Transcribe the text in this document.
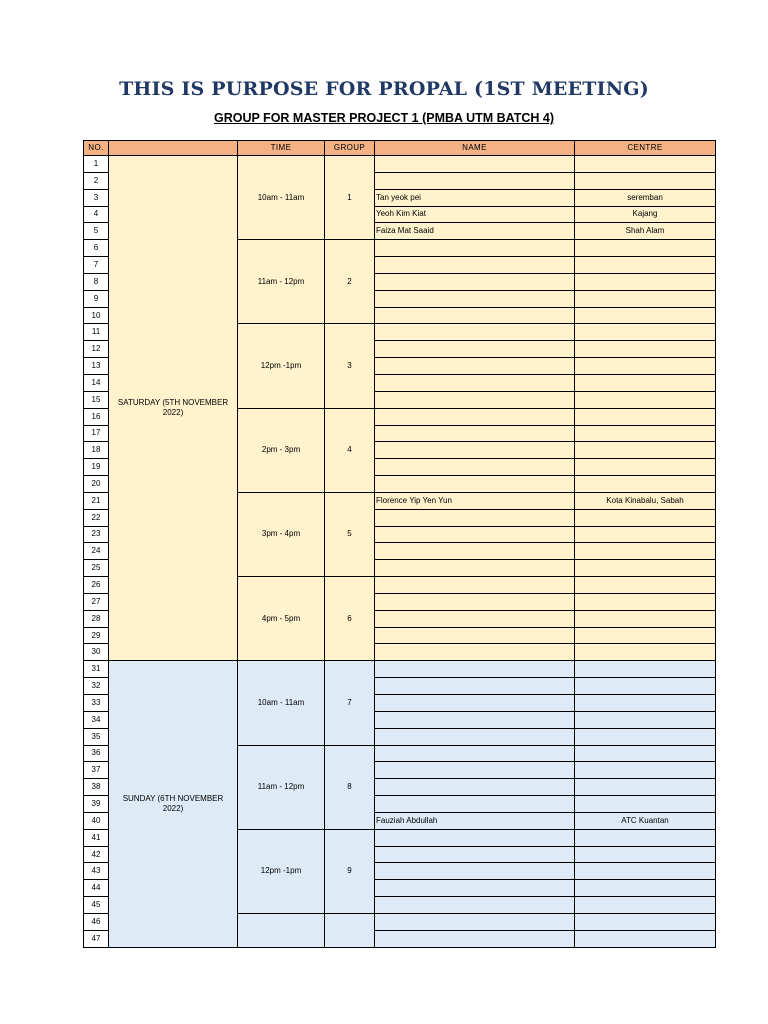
THIS IS PURPOSE FOR PROPAL (1ST MEETING)
GROUP FOR MASTER PROJECT 1 (PMBA UTM BATCH 4)
NO.		TIME	GROUP	NAME	CENTRE
1	SATURDAY (5TH NOVEMBER 2022)	10am - 11am	1		
2					
3				Tan yeok pei	seremban
4				Yeoh Kim Kiat	Kajang
5				Faiza Mat Saaid	Shah Alam
6		11am - 12pm	2		
7					
8					
9					
10					
11		12pm -1pm	3		
12					
13					
14					
15					
16		2pm - 3pm	4		
17					
18					
19					
20					
21		3pm - 4pm	5	Florence Yip Yen Yun	Kota Kinabalu, Sabah
22					
23					
24					
25					
26		4pm - 5pm	6		
27					
28					
29					
30					
31	SUNDAY (6TH NOVEMBER 2022)	10am - 11am	7		
32					
33					
34					
35					
36		11am - 12pm	8		
37					
38					
39					
40				Fauziah Abdullah	ATC Kuantan
41		12pm -1pm	9		
42					
43					
44					
45					
46					
47					
